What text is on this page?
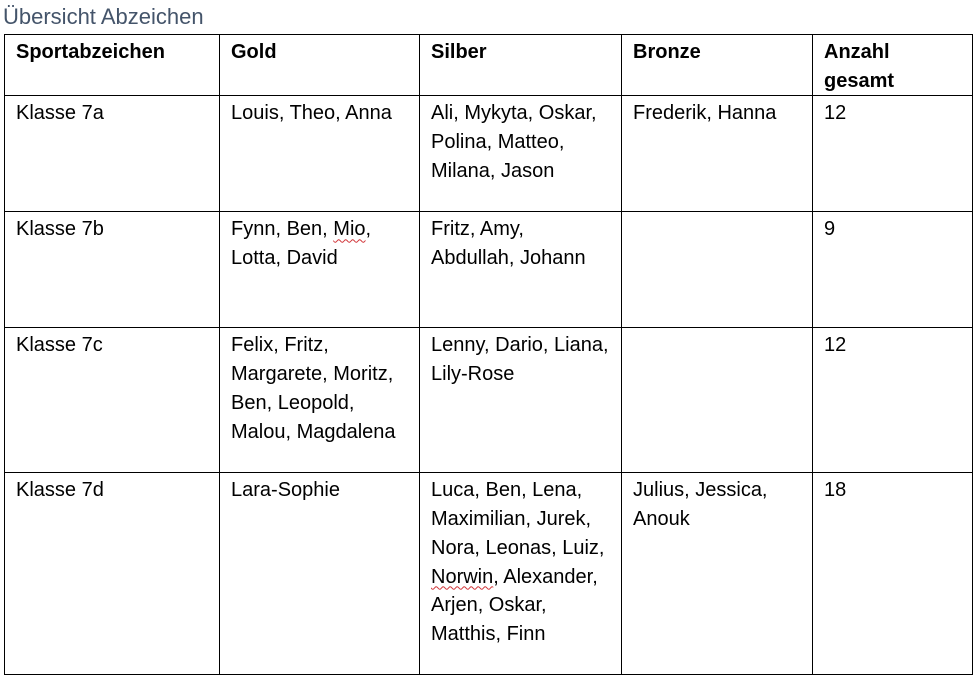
Übersicht Abzeichen
Sportabzeichen	Gold	Silber	Bronze	Anzahl gesamt
Klasse 7a	Louis, Theo, Anna	Ali, Mykyta, Oskar, Polina, Matteo, Milana, Jason	Frederik, Hanna	12
Klasse 7b	Fynn, Ben, Mio, Lotta, David	Fritz, Amy, Abdullah, Johann		9
Klasse 7c	Felix, Fritz, Margarete, Moritz, Ben, Leopold, Malou, Magdalena	Lenny, Dario, Liana, Lily-Rose		12
Klasse 7d	Lara-Sophie	Luca, Ben, Lena, Maximilian, Jurek, Nora, Leonas, Luiz, Norwin, Alexander, Arjen, Oskar, Matthis, Finn	Julius, Jessica, Anouk	18
